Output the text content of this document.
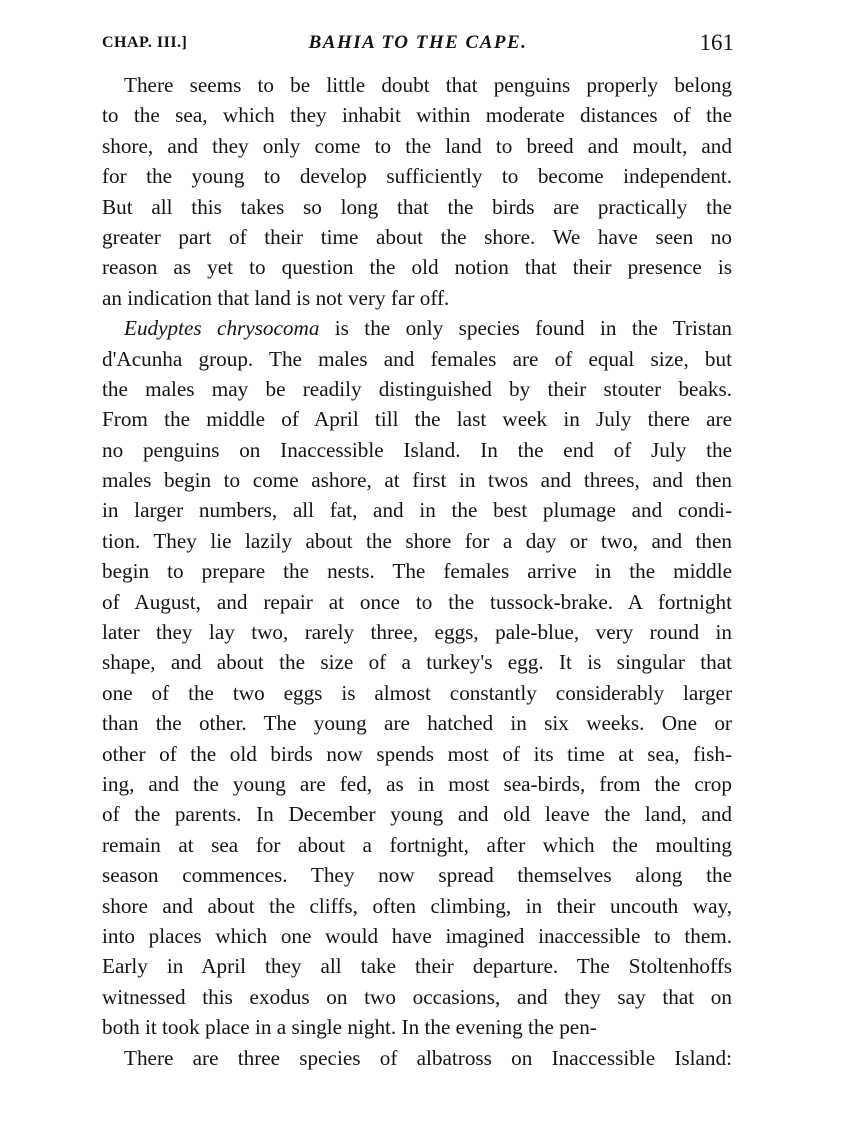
CHAP. III.]	BAHIA TO THE CAPE.	161
There seems to be little doubt that penguins properly belong
to the sea, which they inhabit within moderate distances of the
shore, and they only come to the land to breed and moult, and
for the young to develop sufficiently to become independent.
But all this takes so long that the birds are practically the
greater part of their time about the shore. We have seen no
reason as yet to question the old notion that their presence is
an indication that land is not very far off.
Eudyptes chrysocoma is the only species found in the Tristan
d'Acunha group. The males and females are of equal size, but
the males may be readily distinguished by their stouter beaks.
From the middle of April till the last week in July there are
no penguins on Inaccessible Island. In the end of July the
males begin to come ashore, at first in twos and threes, and then
in larger numbers, all fat, and in the best plumage and condi-
tion. They lie lazily about the shore for a day or two, and then
begin to prepare the nests. The females arrive in the middle
of August, and repair at once to the tussock-brake. A fortnight
later they lay two, rarely three, eggs, pale-blue, very round in
shape, and about the size of a turkey's egg. It is singular that
one of the two eggs is almost constantly considerably larger
than the other. The young are hatched in six weeks. One or
other of the old birds now spends most of its time at sea, fish-
ing, and the young are fed, as in most sea-birds, from the crop
of the parents. In December young and old leave the land, and
remain at sea for about a fortnight, after which the moulting
season commences. They now spread themselves along the
shore and about the cliffs, often climbing, in their uncouth way,
into places which one would have imagined inaccessible to them.
Early in April they all take their departure. The Stoltenhoffs
witnessed this exodus on two occasions, and they say that on
both it took place in a single night. In the evening the pen-
There are three species of albatross on Inaccessible Island:
